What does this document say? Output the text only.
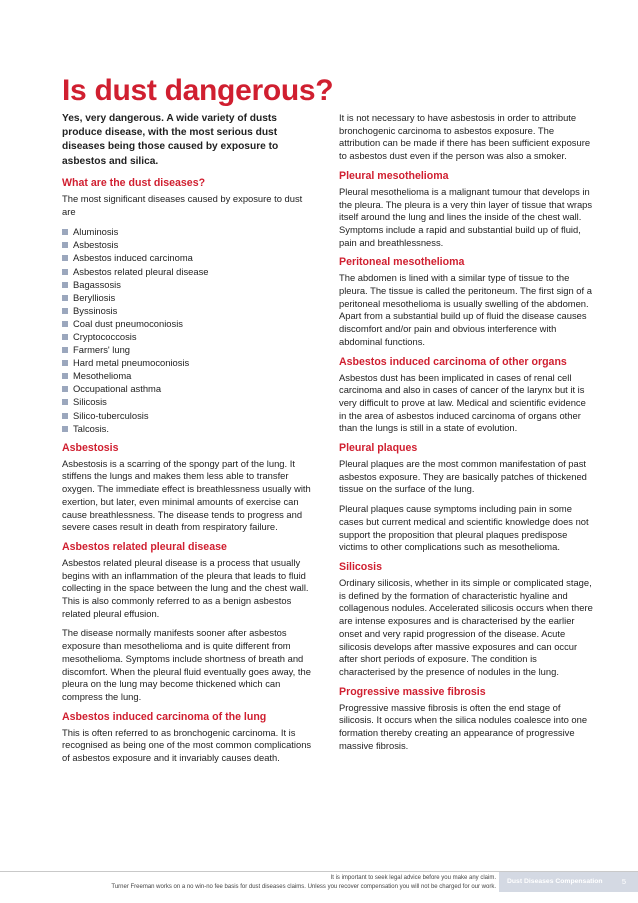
Is dust dangerous?

Yes, very dangerous. A wide variety of dusts produce disease, with the most serious dust diseases being those caused by exposure to asbestos and silica.

What are the dust diseases?

The most significant diseases caused by exposure to dust are

Aluminosis
Asbestosis
Asbestos induced carcinoma
Asbestos related pleural disease
Bagassosis
Berylliosis
Byssinosis
Coal dust pneumoconiosis
Cryptococcosis
Farmers' lung
Hard metal pneumoconiosis
Mesothelioma
Occupational asthma
Silicosis
Silico-tuberculosis
Talcosis.
Asbestosis

Asbestosis is a scarring of the spongy part of the lung. It stiffens the lungs and makes them less able to transfer oxygen. The immediate effect is breathlessness usually with exertion, but later, even minimal amounts of exercise can cause breathlessness. The disease tends to progress and severe cases result in death from respiratory failure.

Asbestos related pleural disease

Asbestos related pleural disease is a process that usually begins with an inflammation of the pleura that leads to fluid collecting in the space between the lung and the chest wall. This is also commonly referred to as a benign asbestos related pleural effusion.

The disease normally manifests sooner after asbestos exposure than mesothelioma and is quite different from mesothelioma. Symptoms include shortness of breath and discomfort. When the pleural fluid eventually goes away, the pleura on the lung may become thickened which can compress the lung.

Asbestos induced carcinoma of the lung

This is often referred to as bronchogenic carcinoma. It is recognised as being one of the most common complications of asbestos exposure and it invariably causes death.

It is not necessary to have asbestosis in order to attribute bronchogenic carcinoma to asbestos exposure. The attribution can be made if there has been sufficient exposure to asbestos dust even if the person was also a smoker.

Pleural mesothelioma

Pleural mesothelioma is a malignant tumour that develops in the pleura. The pleura is a very thin layer of tissue that wraps itself around the lung and lines the inside of the chest wall. Symptoms include a rapid and substantial build up of fluid, pain and breathlessness.

Peritoneal mesothelioma

The abdomen is lined with a similar type of tissue to the pleura. The tissue is called the peritoneum. The first sign of a peritoneal mesothelioma is usually swelling of the abdomen. Apart from a substantial build up of fluid the disease causes discomfort and/or pain and obvious interference with abdominal functions.

Asbestos induced carcinoma of other organs

Asbestos dust has been implicated in cases of renal cell carcinoma and also in cases of cancer of the larynx but it is very difficult to prove at law. Medical and scientific evidence in the area of asbestos induced carcinoma of organs other than the lungs is still in a state of evolution.

Pleural plaques

Pleural plaques are the most common manifestation of past asbestos exposure. They are basically patches of thickened tissue on the surface of the lung.

Pleural plaques cause symptoms including pain in some cases but current medical and scientific knowledge does not support the proposition that pleural plaques predispose victims to other complications such as mesothelioma.

Silicosis

Ordinary silicosis, whether in its simple or complicated stage, is defined by the formation of characteristic hyaline and collagenous nodules. Accelerated silicosis occurs when there are intense exposures and is characterised by the earlier onset and very rapid progression of the disease. Acute silicosis develops after massive exposures and can occur after short periods of exposure. The condition is characterised by the presence of nodules in the lung.

Progressive massive fibrosis

Progressive massive fibrosis is often the end stage of silicosis. It occurs when the silica nodules coalesce into one formation thereby creating an appearance of progressive massive fibrosis.

It is important to seek legal advice before you make any claim.
Turner Freeman works on a no win-no fee basis for dust diseases claims. Unless you recover compensation you will not be charged for our work.
Dust Diseases Compensation	5
